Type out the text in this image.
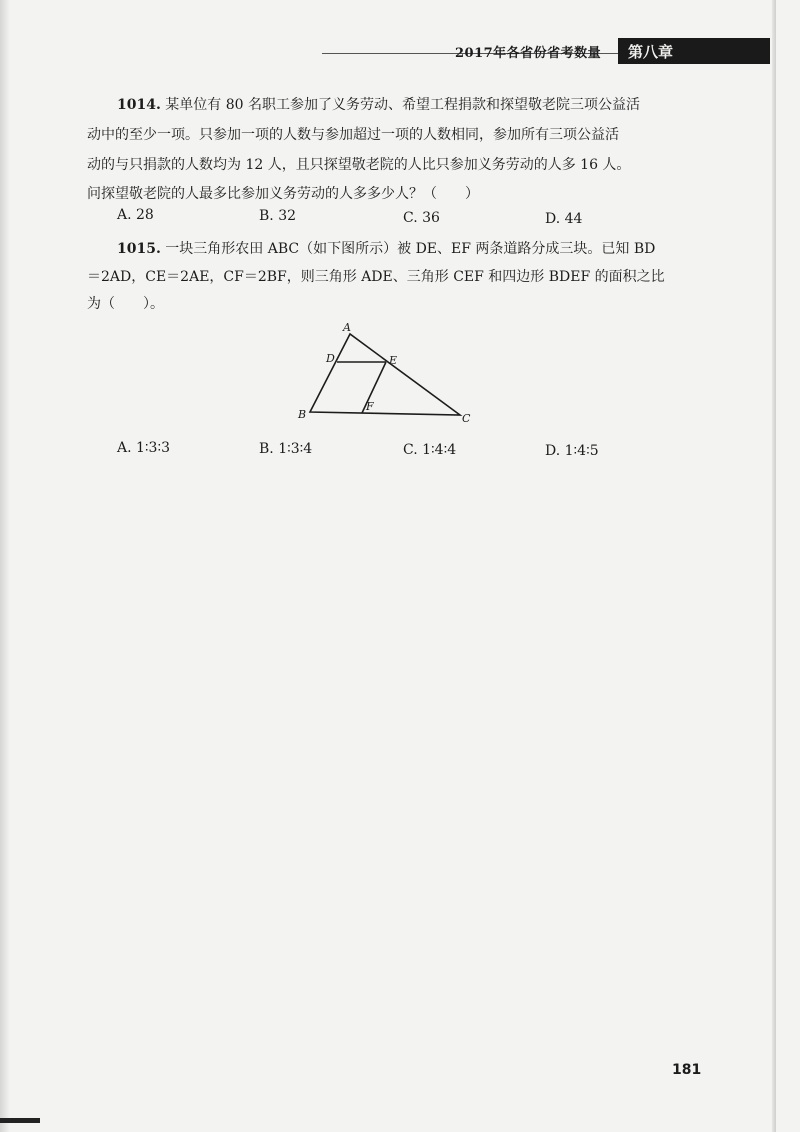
2017年各省份省考数量 第八章
1014. 某单位有 80 名职工参加了义务劳动、希望工程捐款和探望敬老院三项公益活
动中的至少一项。只参加一项的人数与参加超过一项的人数相同，参加所有三项公益活
动的与只捐款的人数均为 12 人，且只探望敬老院的人比只参加义务劳动的人多 16 人。
问探望敬老院的人最多比参加义务劳动的人多多少人？（　　）
A. 28	B. 32	C. 36	D. 44
1015. 一块三角形农田 ABC（如下图所示）被 DE、EF 两条道路分成三块。已知 BD
＝2AD，CE＝2AE，CF＝2BF，则三角形 ADE、三角形 CEF 和四边形 BDEF 的面积之比
为（　　）。
A
D	E
F
B	C
A. 1∶3∶3	B. 1∶3∶4	C. 1∶4∶4	D. 1∶4∶5
181
